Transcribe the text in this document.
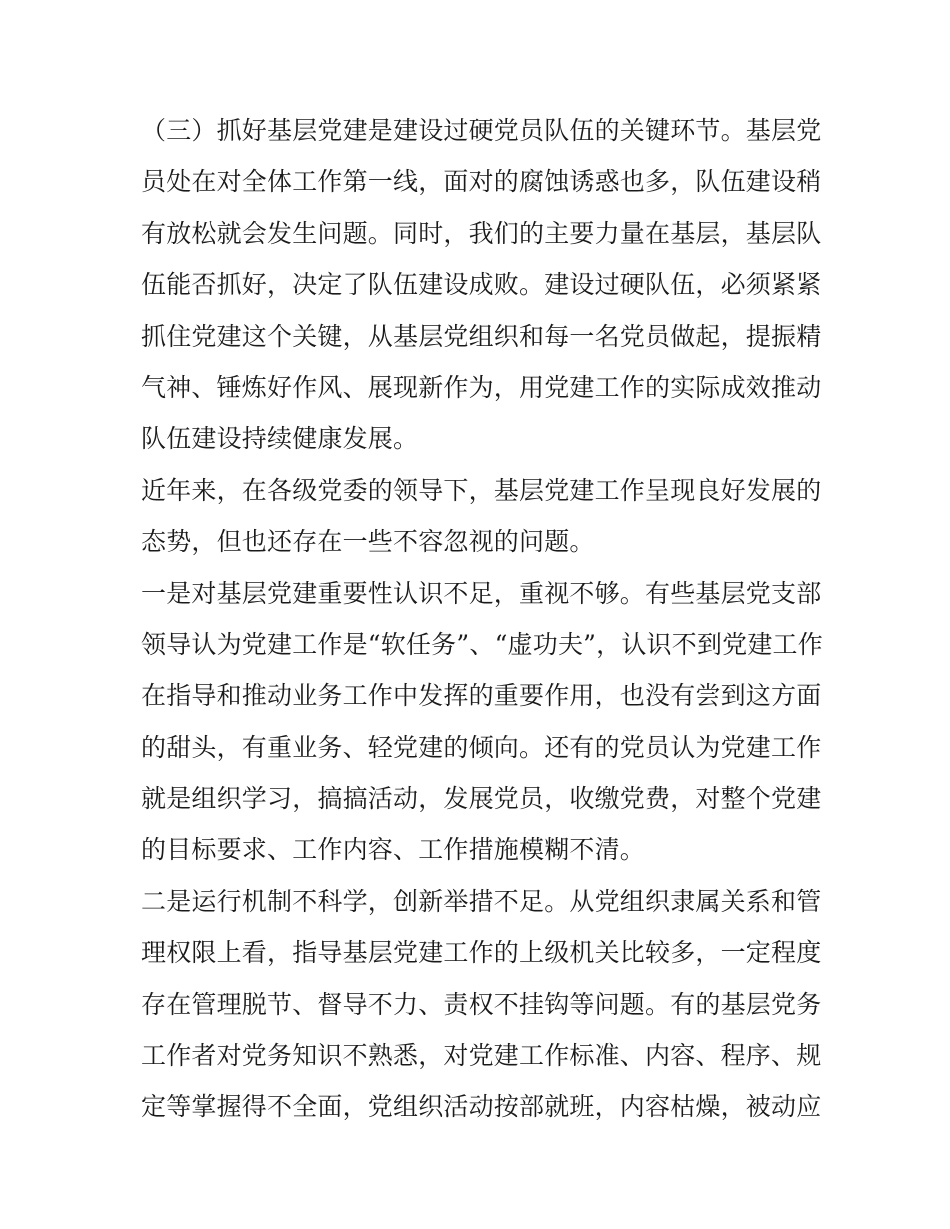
（三）抓好基层党建是建设过硬党员队伍的关键环节。基层党
员处在对全体工作第一线，面对的腐蚀诱惑也多，队伍建设稍
有放松就会发生问题。同时，我们的主要力量在基层，基层队
伍能否抓好，决定了队伍建设成败。建设过硬队伍，必须紧紧
抓住党建这个关键，从基层党组织和每一名党员做起，提振精
气神、锤炼好作风、展现新作为，用党建工作的实际成效推动
队伍建设持续健康发展。
近年来，在各级党委的领导下，基层党建工作呈现良好发展的
态势，但也还存在一些不容忽视的问题。
一是对基层党建重要性认识不足，重视不够。有些基层党支部
领导认为党建工作是“软任务”、“虚功夫”，认识不到党建工作
在指导和推动业务工作中发挥的重要作用，也没有尝到这方面
的甜头，有重业务、轻党建的倾向。还有的党员认为党建工作
就是组织学习，搞搞活动，发展党员，收缴党费，对整个党建
的目标要求、工作内容、工作措施模糊不清。
二是运行机制不科学，创新举措不足。从党组织隶属关系和管
理权限上看，指导基层党建工作的上级机关比较多，一定程度
存在管理脱节、督导不力、责权不挂钩等问题。有的基层党务
工作者对党务知识不熟悉，对党建工作标准、内容、程序、规
定等掌握得不全面，党组织活动按部就班，内容枯燥，被动应
